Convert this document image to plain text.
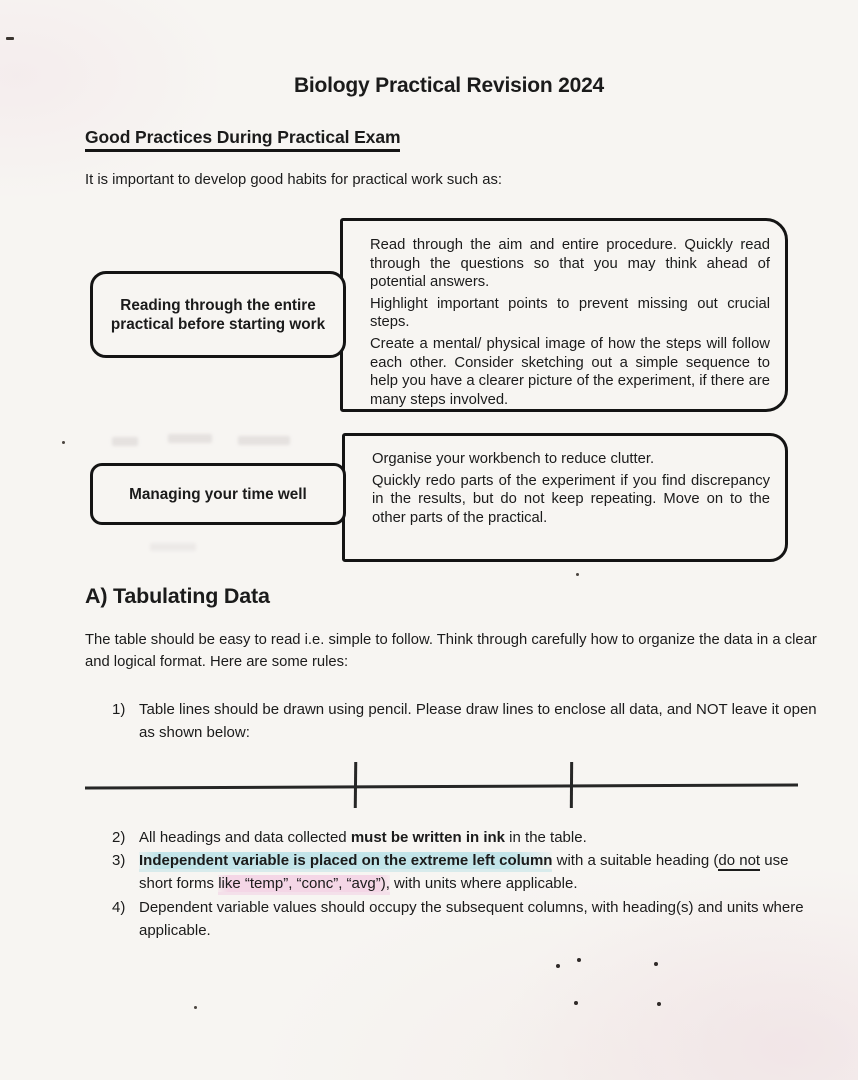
Biology Practical Revision 2024
Good Practices During Practical Exam

It is important to develop good habits for practical work such as:

Read through the aim and entire procedure. Quickly read through the questions so that you may think ahead of potential answers.

Highlight important points to prevent missing out crucial steps.

Create a mental/ physical image of how the steps will follow each other. Consider sketching out a simple sequence to help you have a clearer picture of the experiment, if there are many steps involved.

Reading through the entire practical before starting work

Organise your workbench to reduce clutter.

Quickly redo parts of the experiment if you find discrepancy in the results, but do not keep repeating. Move on to the other parts of the practical.

Managing your time well
A) Tabulating Data

The table should be easy to read i.e. simple to follow. Think through carefully how to organize the data in a clear and logical format. Here are some rules:

1) Table lines should be drawn using pencil. Please draw lines to enclose all data, and NOT leave it open as shown below:
2) All headings and data collected must be written in ink in the table.
3) Independent variable is placed on the extreme left column with a suitable heading (do not use short forms like “temp”, “conc”, “avg”), with units where applicable.
4) Dependent variable values should occupy the subsequent columns, with heading(s) and units where applicable.
